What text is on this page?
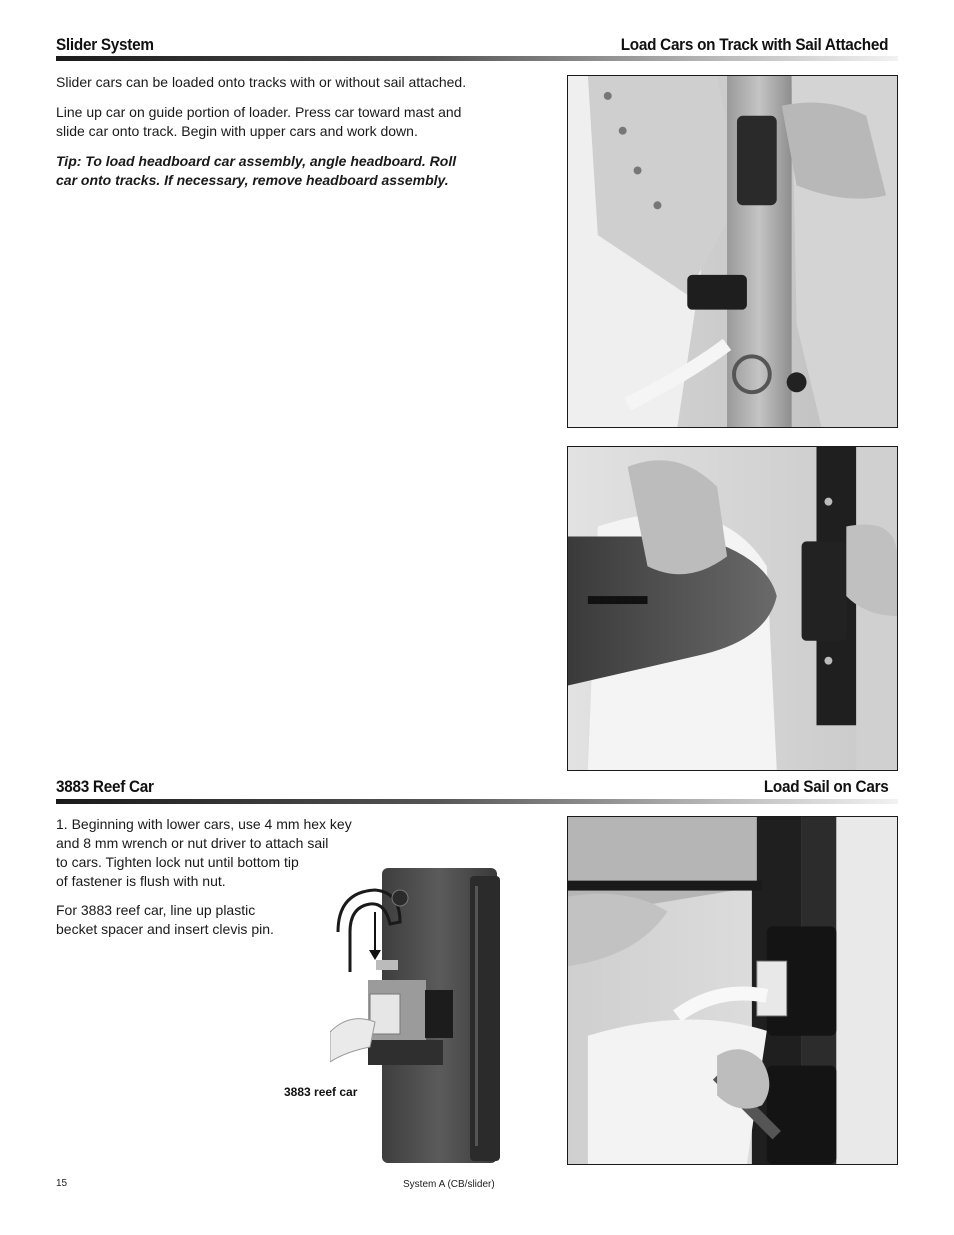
Slider System	Load Cars on Track with Sail Attached

Slider cars can be loaded onto tracks with or without sail attached.

Line up car on guide portion of loader. Press car toward mast and slide car onto track. Begin with upper cars and work down.

Tip: To load headboard car assembly, angle headboard. Roll car onto tracks. If necessary, remove headboard assembly.

3883 Reef Car	Load Sail on Cars
1. Beginning with lower cars, use 4 mm hex key
and 8 mm wrench or nut driver to attach sail
to cars. Tighten lock nut until bottom tip
of fastener is flush with nut.
For 3883 reef car, line up plastic
becket spacer and insert clevis pin.
3883 reef car
15	System A (CB/slider)
